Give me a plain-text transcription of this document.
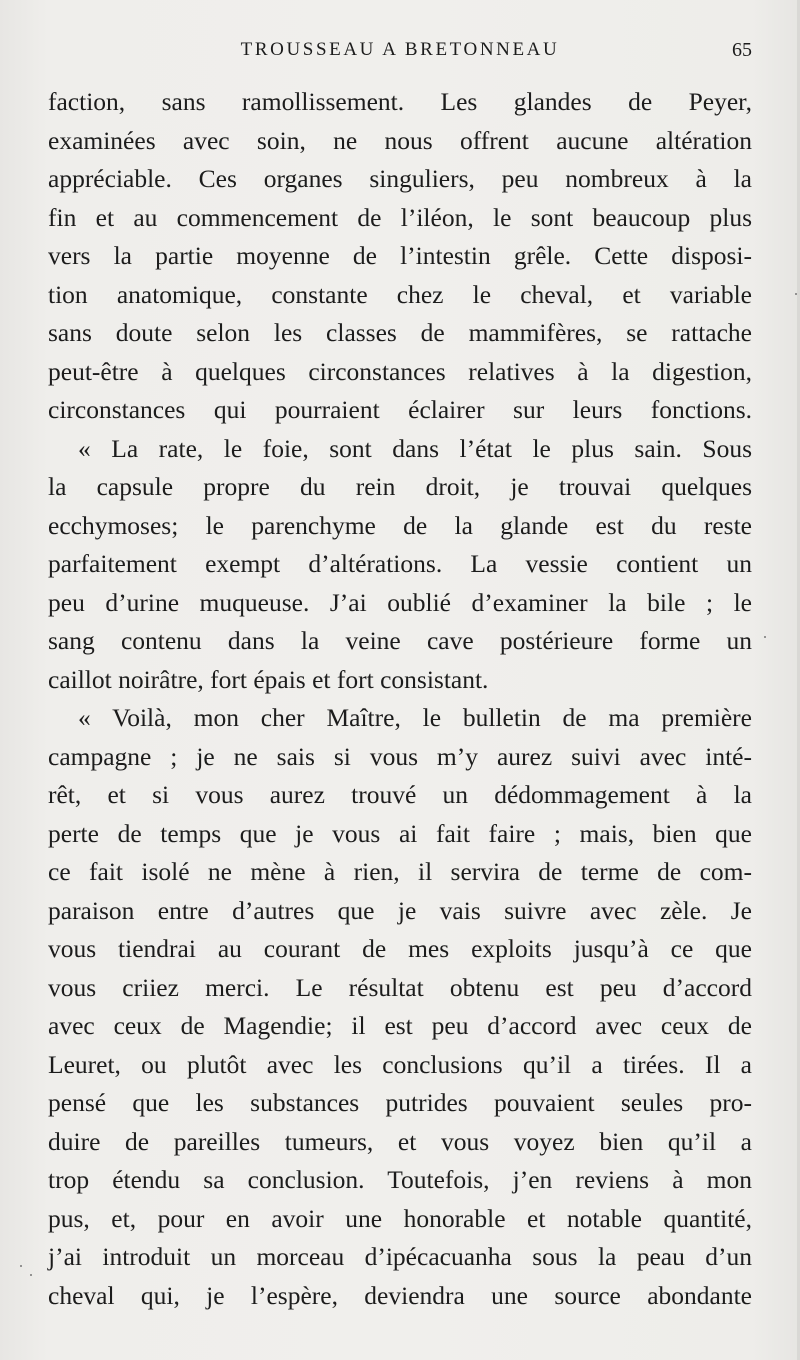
TROUSSEAU A BRETONNEAU	65
faction, sans ramollissement. Les glandes de Peyer,
examinées avec soin, ne nous offrent aucune altération
appréciable. Ces organes singuliers, peu nombreux à la
fin et au commencement de l’iléon, le sont beaucoup plus
vers la partie moyenne de l’intestin grêle. Cette disposi-
tion anatomique, constante chez le cheval, et variable
sans doute selon les classes de mammifères, se rattache
peut-être à quelques circonstances relatives à la digestion,
circonstances qui pourraient éclairer sur leurs fonctions.
« La rate, le foie, sont dans l’état le plus sain. Sous
la capsule propre du rein droit, je trouvai quelques
ecchymoses; le parenchyme de la glande est du reste
parfaitement exempt d’altérations. La vessie contient un
peu d’urine muqueuse. J’ai oublié d’examiner la bile ; le
sang contenu dans la veine cave postérieure forme un
caillot noirâtre, fort épais et fort consistant.
« Voilà, mon cher Maître, le bulletin de ma première
campagne ; je ne sais si vous m’y aurez suivi avec inté-
rêt, et si vous aurez trouvé un dédommagement à la
perte de temps que je vous ai fait faire ; mais, bien que
ce fait isolé ne mène à rien, il servira de terme de com-
paraison entre d’autres que je vais suivre avec zèle. Je
vous tiendrai au courant de mes exploits jusqu’à ce que
vous criiez merci. Le résultat obtenu est peu d’accord
avec ceux de Magendie; il est peu d’accord avec ceux de
Leuret, ou plutôt avec les conclusions qu’il a tirées. Il a
pensé que les substances putrides pouvaient seules pro-
duire de pareilles tumeurs, et vous voyez bien qu’il a
trop étendu sa conclusion. Toutefois, j’en reviens à mon
pus, et, pour en avoir une honorable et notable quantité,
j’ai introduit un morceau d’ipécacuanha sous la peau d’un
cheval qui, je l’espère, deviendra une source abondante
